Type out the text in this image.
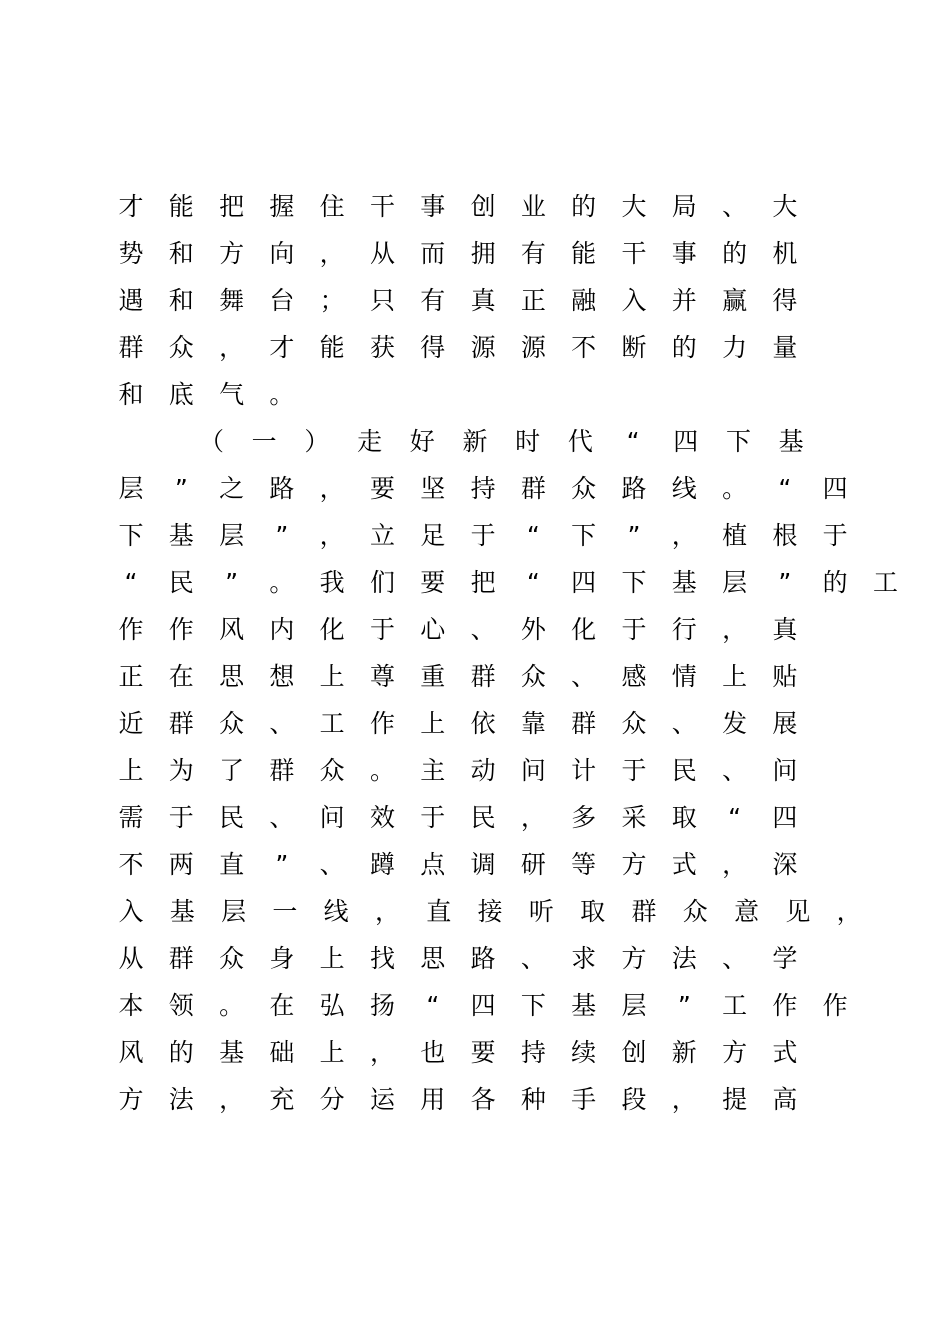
才	能	把	握	住	干	事	创	业	的	大	局	、	大
势	和	方	向	，	从	而	拥	有	能	干	事	的	机
遇	和	舞	台	；	只	有	真	正	融	入	并	赢	得
群	众	，	才	能	获	得	源	源	不	断	的	力	量
和	底	气	。
（	一	）	走	好	新	时	代	“	四	下	基
层	”	之	路	，	要	坚	持	群	众	路	线	。	“	四
下	基	层	”	，	立	足	于	“	下	”	，	植	根	于
“	民	”	。	我	们	要	把	“	四	下	基	层	”	的	工
作	作	风	内	化	于	心	、	外	化	于	行	，	真
正	在	思	想	上	尊	重	群	众	、	感	情	上	贴
近	群	众	、	工	作	上	依	靠	群	众	、	发	展
上	为	了	群	众	。	主	动	问	计	于	民	、	问
需	于	民	、	问	效	于	民	，	多	采	取	“	四
不	两	直	”	、	蹲	点	调	研	等	方	式	，	深
入	基	层	一	线	，	直	接	听	取	群	众	意	见	，
从	群	众	身	上	找	思	路	、	求	方	法	、	学
本	领	。	在	弘	扬	“	四	下	基	层	”	工	作	作
风	的	基	础	上	，	也	要	持	续	创	新	方	式
方	法	，	充	分	运	用	各	种	手	段	，	提	高
